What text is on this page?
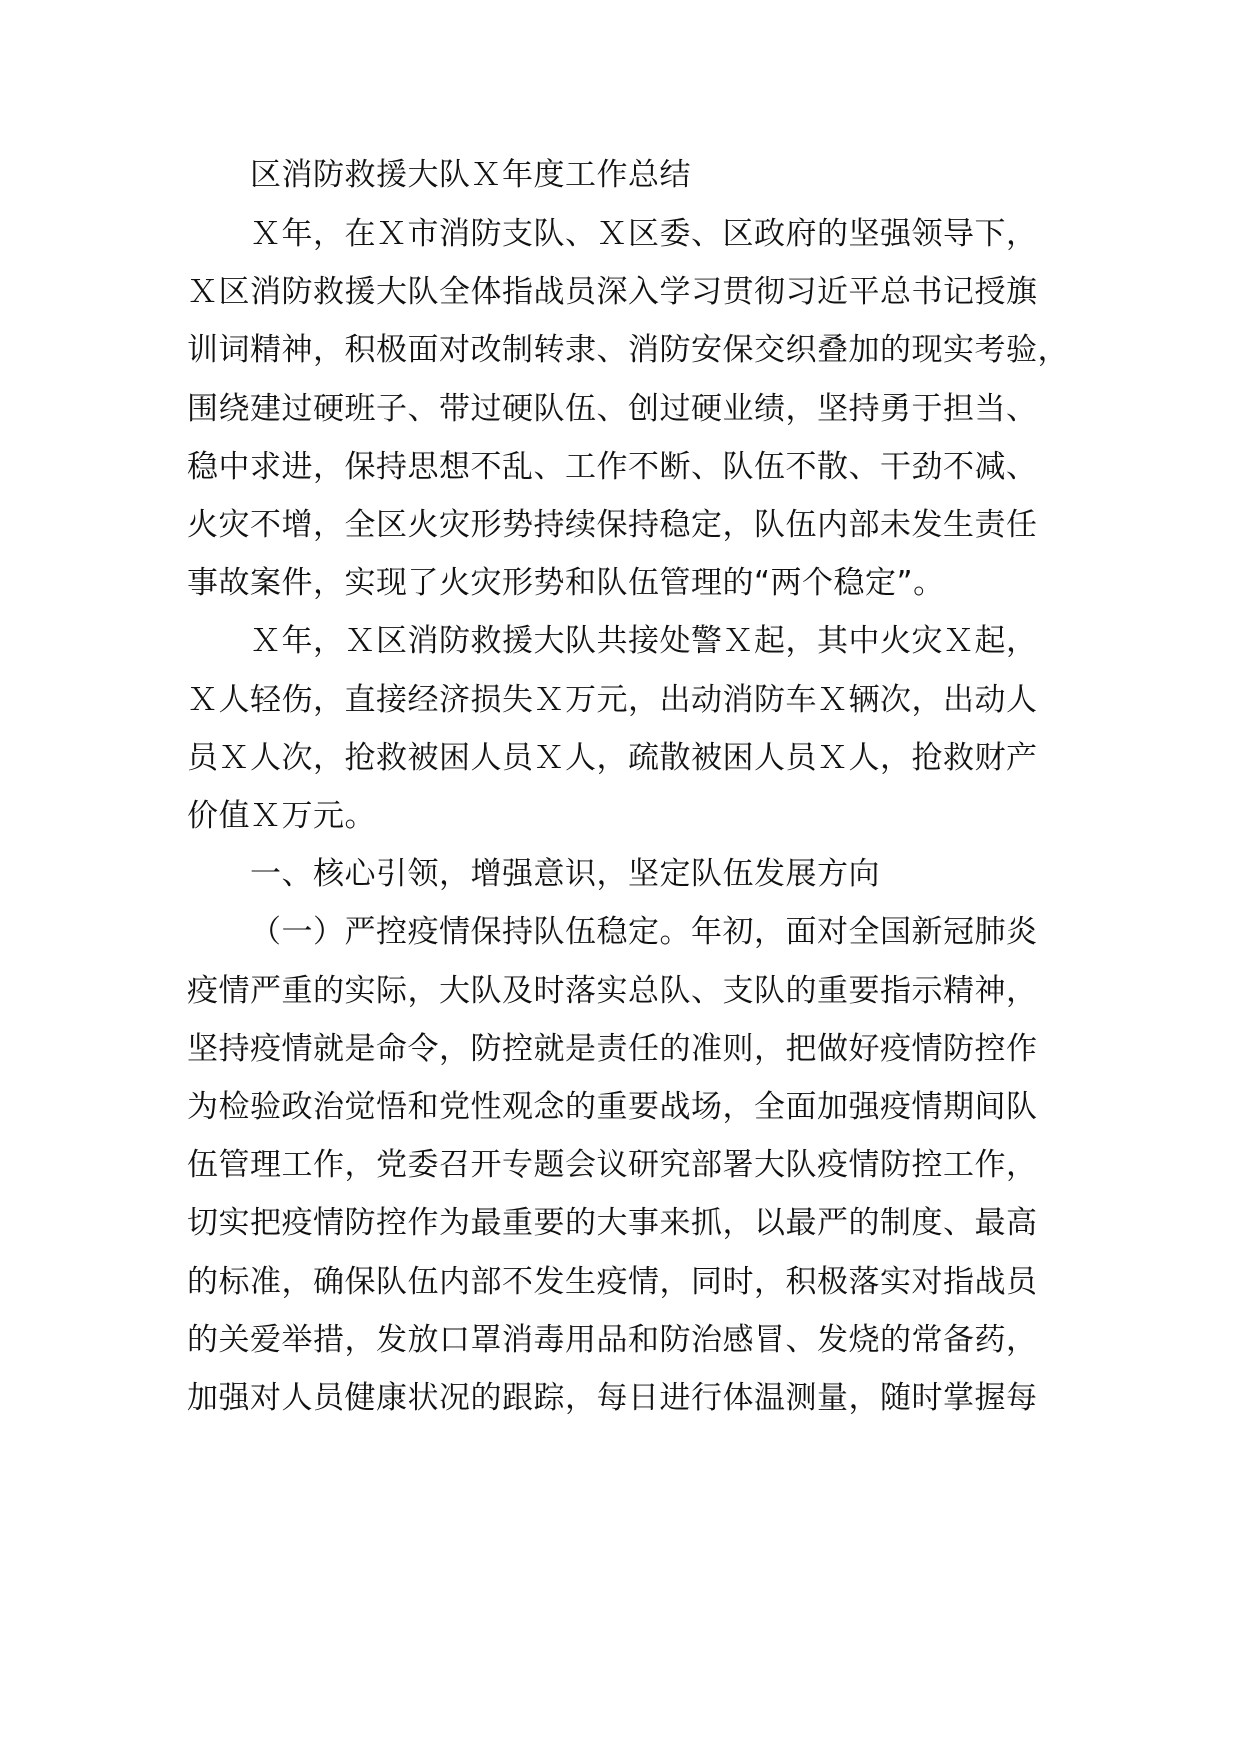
区消防救援大队Ｘ年度工作总结
Ｘ年，在Ｘ市消防支队、Ｘ区委、区政府的坚强领导下，
Ｘ区消防救援大队全体指战员深入学习贯彻习近平总书记授旗
训词精神，积极面对改制转隶、消防安保交织叠加的现实考验，
围绕建过硬班子、带过硬队伍、创过硬业绩，坚持勇于担当、
稳中求进，保持思想不乱、工作不断、队伍不散、干劲不减、
火灾不增，全区火灾形势持续保持稳定，队伍内部未发生责任
事故案件，实现了火灾形势和队伍管理的“两个稳定”。
Ｘ年，Ｘ区消防救援大队共接处警Ｘ起，其中火灾Ｘ起，
Ｘ人轻伤，直接经济损失Ｘ万元，出动消防车Ｘ辆次，出动人
员Ｘ人次，抢救被困人员Ｘ人，疏散被困人员Ｘ人，抢救财产
价值Ｘ万元。
一、核心引领，增强意识，坚定队伍发展方向
（一）严控疫情保持队伍稳定。年初，面对全国新冠肺炎
疫情严重的实际，大队及时落实总队、支队的重要指示精神，
坚持疫情就是命令，防控就是责任的准则，把做好疫情防控作
为检验政治觉悟和党性观念的重要战场，全面加强疫情期间队
伍管理工作，党委召开专题会议研究部署大队疫情防控工作，
切实把疫情防控作为最重要的大事来抓，以最严的制度、最高
的标准，确保队伍内部不发生疫情，同时，积极落实对指战员
的关爱举措，发放口罩消毒用品和防治感冒、发烧的常备药，
加强对人员健康状况的跟踪，每日进行体温测量，随时掌握每
